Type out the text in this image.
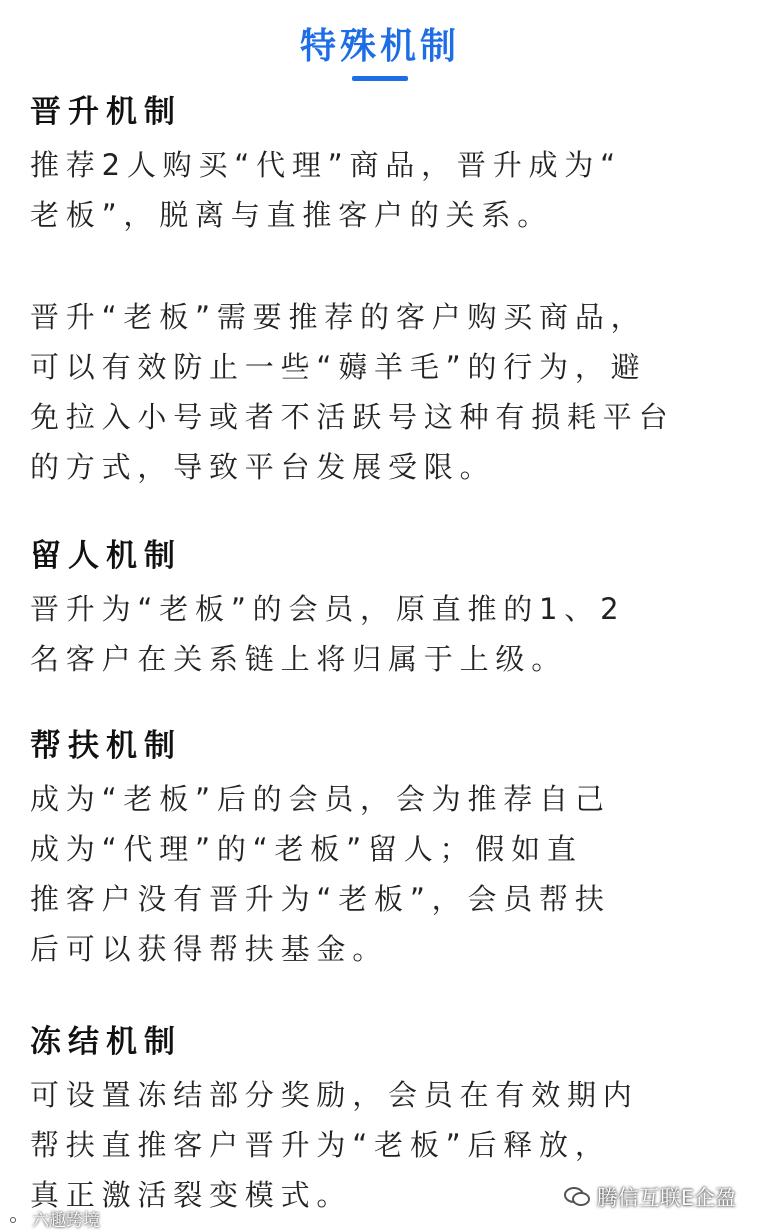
特殊机制

晋升机制

推荐2人购买“代理”商品，晋升成为“

老板”，脱离与直推客户的关系。

晋升“老板”需要推荐的客户购买商品，

可以有效防止一些“薅羊毛”的行为，避

免拉入小号或者不活跃号这种有损耗平台

的方式，导致平台发展受限。

留人机制

晋升为“老板”的会员，原直推的1、2

名客户在关系链上将归属于上级。

帮扶机制

成为“老板”后的会员，会为推荐自己

成为“代理”的“老板”留人；假如直

推客户没有晋升为“老板”，会员帮扶

后可以获得帮扶基金。

冻结机制

可设置冻结部分奖励，会员在有效期内

帮扶直推客户晋升为“老板”后释放，

真正激活裂变模式。	腾信互联E企盈
六趣跨境
